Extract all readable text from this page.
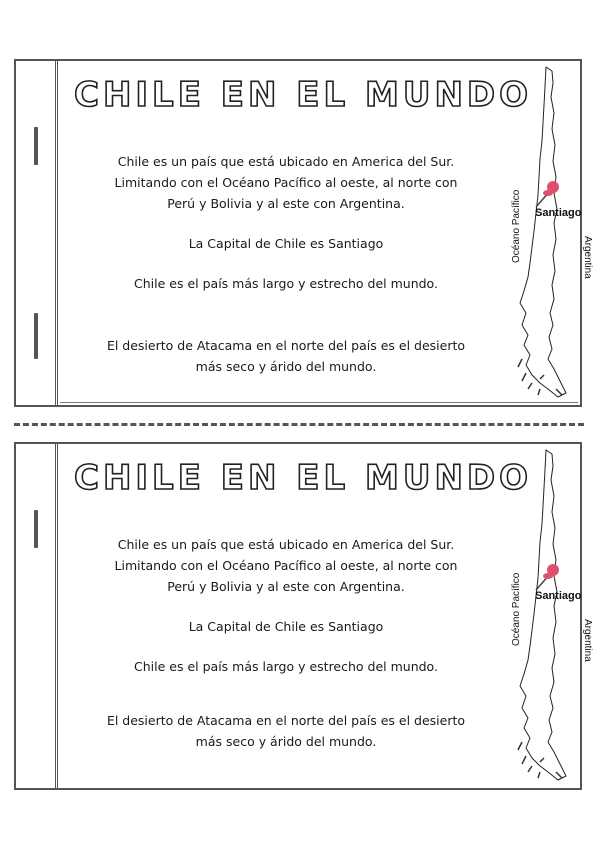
CHILE EN EL MUNDO

Chile es un país que está ubicado en America del Sur.

Limitando con el Océano Pacífico al oeste, al norte con

Perú y Bolivia y al este con Argentina.

La Capital de Chile es Santiago

Chile es el país más largo y estrecho del mundo.

El desierto de Atacama en el norte del país es el desierto

más seco y árido del mundo.

Santiago
Océano Pacífico	Argentina
CHILE EN EL MUNDO

Chile es un país que está ubicado en America del Sur.

Limitando con el Océano Pacífico al oeste, al norte con

Perú y Bolivia y al este con Argentina.

La Capital de Chile es Santiago

Chile es el país más largo y estrecho del mundo.

El desierto de Atacama en el norte del país es el desierto

más seco y árido del mundo.

Santiago
Océano Pacífico	Argentina
